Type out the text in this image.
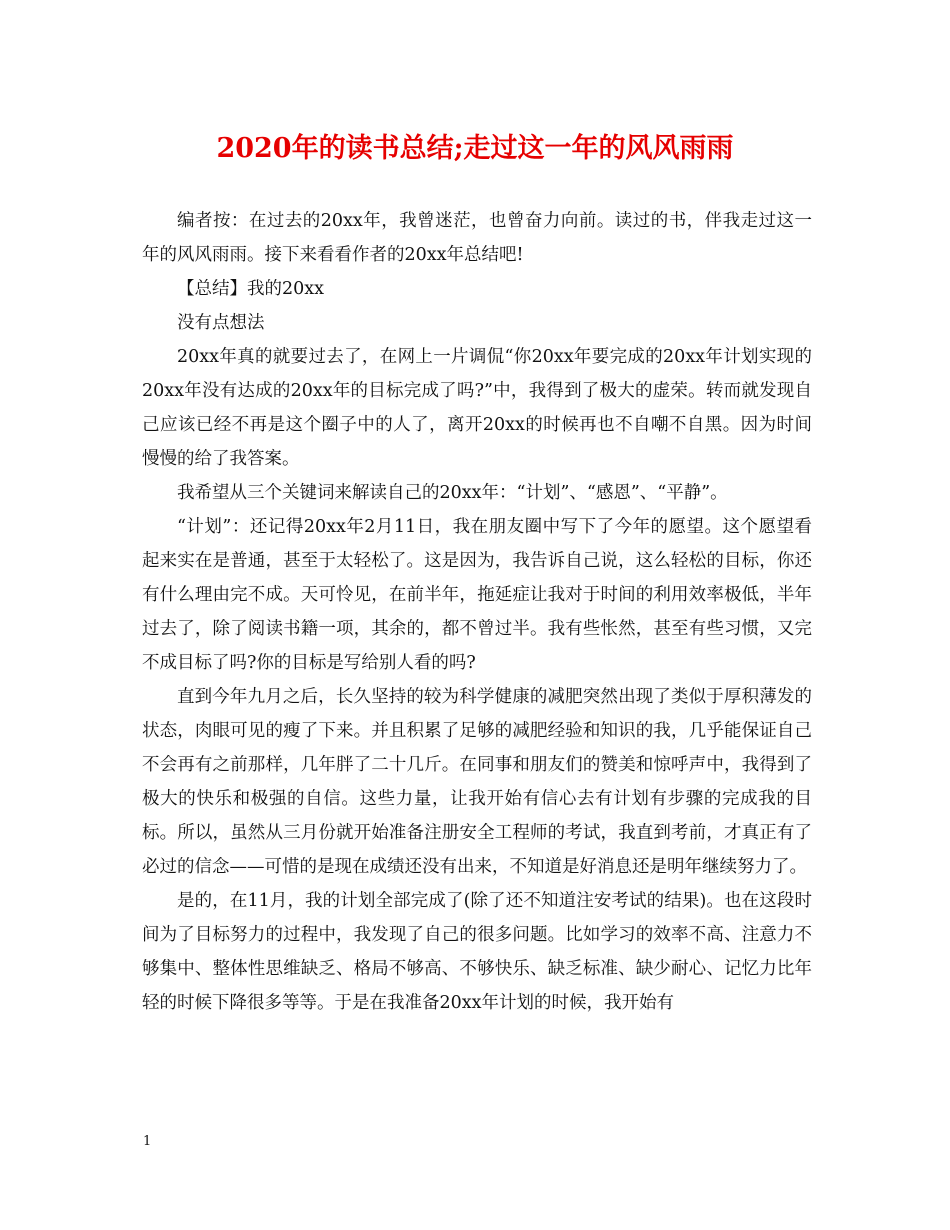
2020年的读书总结;走过这一年的风风雨雨

编者按：在过去的20xx年，我曾迷茫，也曾奋力向前。读过的书，伴我走过这一年的风风雨雨。接下来看看作者的20xx年总结吧!

【总结】我的20xx

没有点想法

20xx年真的就要过去了，在网上一片调侃“你20xx年要完成的20xx年计划实现的20xx年没有达成的20xx年的目标完成了吗?”中，我得到了极大的虚荣。转而就发现自己应该已经不再是这个圈子中的人了，离开20xx的时候再也不自嘲不自黑。因为时间慢慢的给了我答案。

我希望从三个关键词来解读自己的20xx年：“计划”、“感恩”、“平静”。

“计划”：还记得20xx年2月11日，我在朋友圈中写下了今年的愿望。这个愿望看起来实在是普通，甚至于太轻松了。这是因为，我告诉自己说，这么轻松的目标，你还有什么理由完不成。天可怜见，在前半年，拖延症让我对于时间的利用效率极低，半年过去了，除了阅读书籍一项，其余的，都不曾过半。我有些怅然，甚至有些习惯，又完不成目标了吗?你的目标是写给别人看的吗?

直到今年九月之后，长久坚持的较为科学健康的减肥突然出现了类似于厚积薄发的状态，肉眼可见的瘦了下来。并且积累了足够的减肥经验和知识的我，几乎能保证自己不会再有之前那样，几年胖了二十几斤。在同事和朋友们的赞美和惊呼声中，我得到了极大的快乐和极强的自信。这些力量，让我开始有信心去有计划有步骤的完成我的目标。所以，虽然从三月份就开始准备注册安全工程师的考试，我直到考前，才真正有了必过的信念——可惜的是现在成绩还没有出来，不知道是好消息还是明年继续努力了。

是的，在11月，我的计划全部完成了(除了还不知道注安考试的结果)。也在这段时间为了目标努力的过程中，我发现了自己的很多问题。比如学习的效率不高、注意力不够集中、整体性思维缺乏、格局不够高、不够快乐、缺乏标准、缺少耐心、记忆力比年轻的时候下降很多等等。于是在我准备20xx年计划的时候，我开始有

1
